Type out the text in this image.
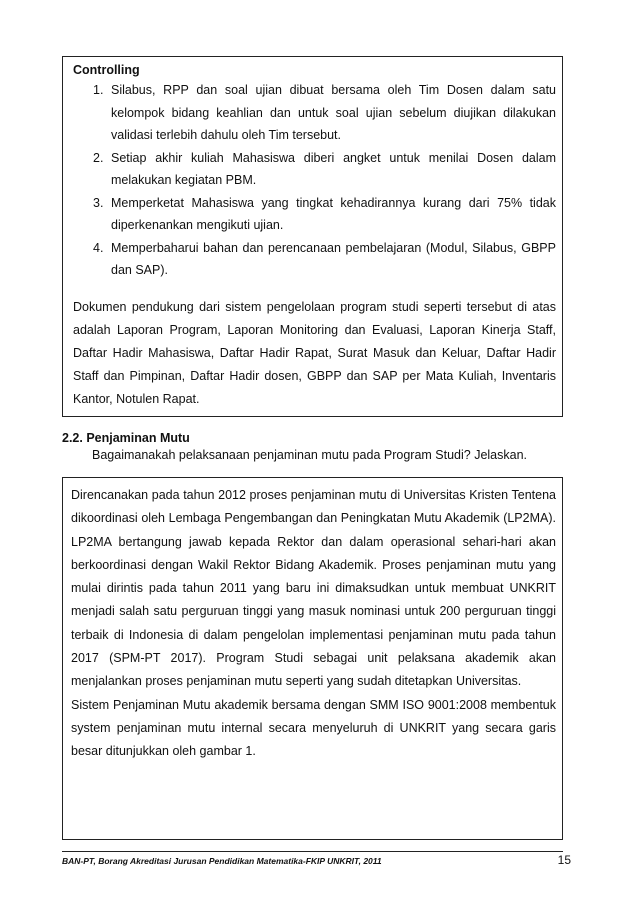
Controlling

1. Silabus, RPP dan soal ujian dibuat bersama oleh Tim Dosen dalam satu kelompok bidang keahlian dan untuk soal ujian sebelum diujikan dilakukan validasi terlebih dahulu oleh Tim tersebut.
2. Setiap akhir kuliah Mahasiswa diberi angket untuk menilai Dosen dalam melakukan kegiatan PBM.
3. Memperketat Mahasiswa yang tingkat kehadirannya kurang dari 75% tidak diperkenankan mengikuti ujian.
4. Memperbaharui bahan dan perencanaan pembelajaran (Modul, Silabus, GBPP dan SAP).

Dokumen pendukung dari sistem pengelolaan program studi seperti tersebut di atas adalah Laporan Program, Laporan Monitoring dan Evaluasi, Laporan Kinerja Staff, Daftar Hadir Mahasiswa, Daftar Hadir Rapat, Surat Masuk dan Keluar, Daftar Hadir Staff dan Pimpinan, Daftar Hadir dosen, GBPP dan SAP per Mata Kuliah, Inventaris Kantor, Notulen Rapat.

2.2. Penjaminan Mutu

Bagaimanakah pelaksanaan penjaminan mutu pada Program Studi? Jelaskan.

Direncanakan pada tahun 2012 proses penjaminan mutu di Universitas Kristen Tentena dikoordinasi oleh Lembaga Pengembangan dan Peningkatan Mutu Akademik (LP2MA). LP2MA bertangung jawab kepada Rektor dan dalam operasional sehari-hari akan berkoordinasi dengan Wakil Rektor Bidang Akademik. Proses penjaminan mutu yang mulai dirintis pada tahun 2011 yang baru ini dimaksudkan untuk membuat UNKRIT menjadi salah satu perguruan tinggi yang masuk nominasi untuk 200 perguruan tinggi terbaik di Indonesia di dalam pengelolan implementasi penjaminan mutu pada tahun 2017 (SPM-PT 2017). Program Studi sebagai unit pelaksana akademik akan menjalankan proses penjaminan mutu seperti yang sudah ditetapkan Universitas.

Sistem Penjaminan Mutu akademik bersama dengan SMM ISO 9001:2008 membentuk system penjaminan mutu internal secara menyeluruh di UNKRIT yang secara garis besar ditunjukkan oleh gambar 1.

BAN-PT, Borang Akreditasi Jurusan Pendidikan Matematika-FKIP UNKRIT, 2011	15
